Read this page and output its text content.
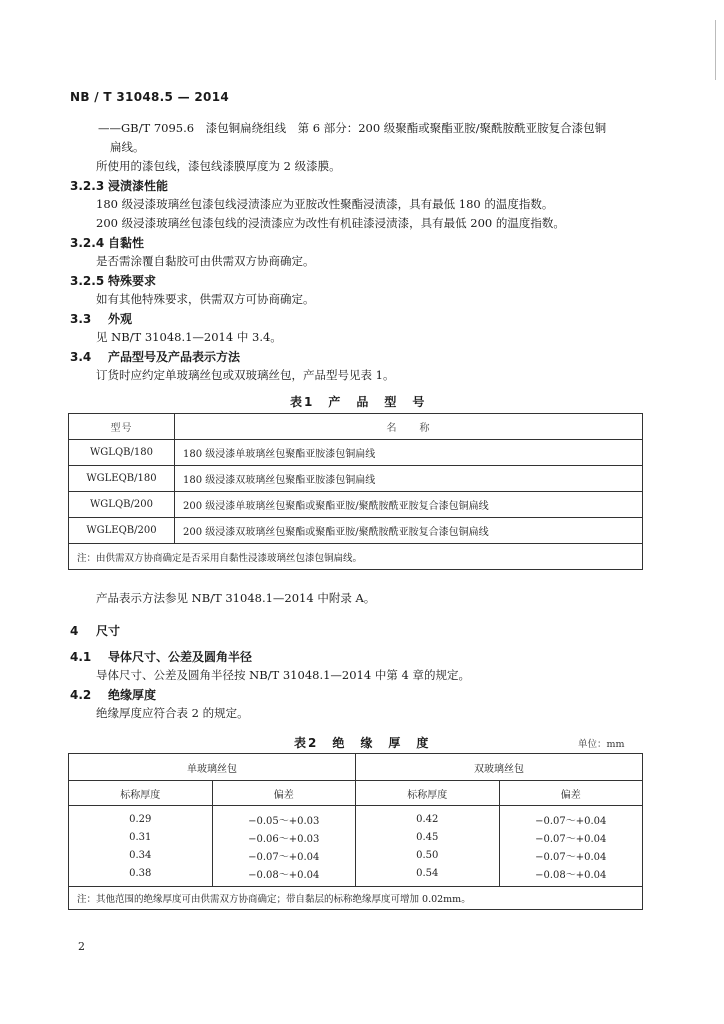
NB / T 31048.5 — 2014
——GB/T 7095.6　漆包铜扁绕组线　第 6 部分：200 级聚酯或聚酯亚胺/聚酰胺酰亚胺复合漆包铜
扁线。
所使用的漆包线，漆包线漆膜厚度为 2 级漆膜。
3.2.3 浸渍漆性能
180 级浸漆玻璃丝包漆包线浸渍漆应为亚胺改性聚酯浸渍漆，具有最低 180 的温度指数。
200 级浸漆玻璃丝包漆包线的浸渍漆应为改性有机硅漆浸渍漆，具有最低 200 的温度指数。
3.2.4 自黏性
是否需涂覆自黏胶可由供需双方协商确定。
3.2.5 特殊要求
如有其他特殊要求，供需双方可协商确定。
3.3 外观
见 NB/T 31048.1—2014 中 3.4。
3.4 产品型号及产品表示方法
订货时应约定单玻璃丝包或双玻璃丝包，产品型号见表 1。
表1　产　品　型　号
型号	名　　称
WGLQB/180	180 级浸漆单玻璃丝包聚酯亚胺漆包铜扁线
WGLEQB/180	180 级浸漆双玻璃丝包聚酯亚胺漆包铜扁线
WGLQB/200	200 级浸漆单玻璃丝包聚酯或聚酯亚胺/聚酰胺酰亚胺复合漆包铜扁线
WGLEQB/200	200 级浸漆双玻璃丝包聚酯或聚酯亚胺/聚酰胺酰亚胺复合漆包铜扁线
注：由供需双方协商确定是否采用自黏性浸漆玻璃丝包漆包铜扁线。	
产品表示方法参见 NB/T 31048.1—2014 中附录 A。
4 尺寸
4.1 导体尺寸、公差及圆角半径
导体尺寸、公差及圆角半径按 NB/T 31048.1—2014 中第 4 章的规定。
4.2 绝缘厚度
绝缘厚度应符合表 2 的规定。
表2　绝　缘　厚　度	单位：mm
单玻璃丝包		双玻璃丝包	
标称厚度	偏差	标称厚度	偏差
0.29	−0.05～+0.03	0.42	−0.07～+0.04
0.31	−0.06～+0.03	0.45	−0.07～+0.04
0.34	−0.07～+0.04	0.50	−0.07～+0.04
0.38	−0.08～+0.04	0.54	−0.08～+0.04
注：其他范围的绝缘厚度可由供需双方协商确定；带自黏层的标称绝缘厚度可增加 0.02mm。			
2
